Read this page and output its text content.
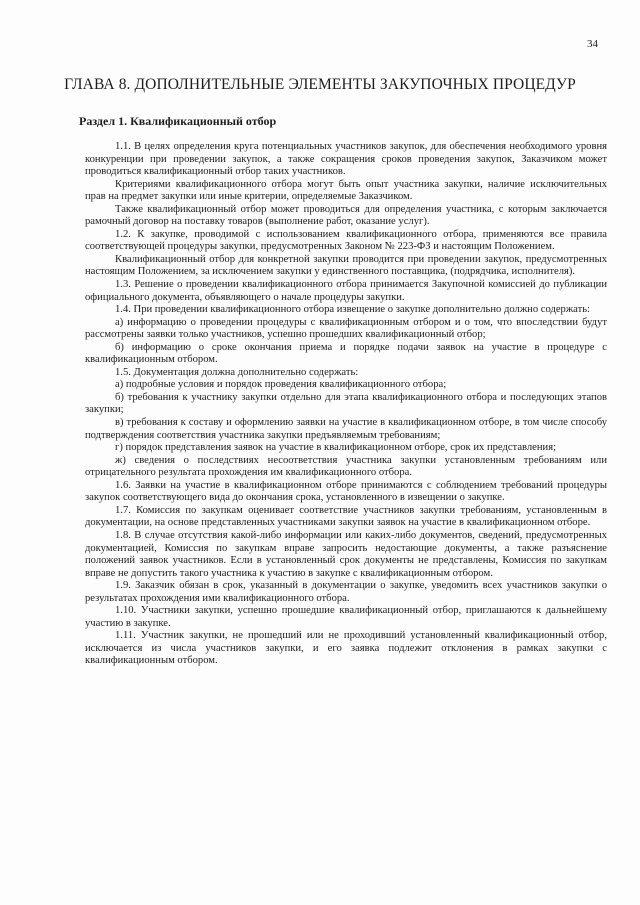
34
ГЛАВА 8. ДОПОЛНИТЕЛЬНЫЕ ЭЛЕМЕНТЫ ЗАКУПОЧНЫХ ПРОЦЕДУР
Раздел 1. Квалификационный отбор

1.1. В целях определения круга потенциальных участников закупок, для обеспечения необходимого уровня конкуренции при проведении закупок, а также сокращения сроков проведения закупок, Заказчиком может проводиться квалификационный отбор таких участников.

Критериями квалификационного отбора могут быть опыт участника закупки, наличие исключительных прав на предмет закупки или иные критерии, определяемые Заказчиком.

Также квалификационный отбор может проводиться для определения участника, с которым заключается рамочный договор на поставку товаров (выполнение работ, оказание услуг).

1.2. К закупке, проводимой с использованием квалификационного отбора, применяются все правила соответствующей процедуры закупки, предусмотренных Законом № 223-ФЗ и настоящим Положением.

Квалификационный отбор для конкретной закупки проводится при проведении закупок, предусмотренных настоящим Положением, за исключением закупки у единственного поставщика, (подрядчика, исполнителя).

1.3. Решение о проведении квалификационного отбора принимается Закупочной комиссией до публикации официального документа, объявляющего о начале процедуры закупки.

1.4. При проведении квалификационного отбора извещение о закупке дополнительно должно содержать:

а) информацию о проведении процедуры с квалификационным отбором и о том, что впоследствии будут рассмотрены заявки только участников, успешно прошедших квалификационный отбор;

б) информацию о сроке окончания приема и порядке подачи заявок на участие в процедуре с квалификационным отбором.

1.5. Документация должна дополнительно содержать:

а) подробные условия и порядок проведения квалификационного отбора;

б) требования к участнику закупки отдельно для этапа квалификационного отбора и последующих этапов закупки;

в) требования к составу и оформлению заявки на участие в квалификационном отборе, в том числе способу подтверждения соответствия участника закупки предъявляемым требованиям;

г) порядок представления заявок на участие в квалификационном отборе, срок их представления;

ж) сведения о последствиях несоответствия участника закупки установленным требованиям или отрицательного результата прохождения им квалификационного отбора.

1.6. Заявки на участие в квалификационном отборе принимаются с соблюдением требований процедуры закупок соответствующего вида до окончания срока, установленного в извещении о закупке.

1.7. Комиссия по закупкам оценивает соответствие участников закупки требованиям, установленным в документации, на основе представленных участниками закупки заявок на участие в квалификационном отборе.

1.8. В случае отсутствия какой-либо информации или каких-либо документов, сведений, предусмотренных документацией, Комиссия по закупкам вправе запросить недостающие документы, а также разъяснение положений заявок участников. Если в установленный срок документы не представлены, Комиссия по закупкам вправе не допустить такого участника к участию в закупке с квалификационным отбором.

1.9. Заказчик обязан в срок, указанный в документации о закупке, уведомить всех участников закупки о результатах прохождения ими квалификационного отбора.

1.10. Участники закупки, успешно прошедшие квалификационный отбор, приглашаются к дальнейшему участию в закупке.

1.11. Участник закупки, не прошедший или не проходивший установленный квалификационный отбор, исключается из числа участников закупки, и его заявка подлежит отклонения в рамках закупки с квалификационным отбором.
